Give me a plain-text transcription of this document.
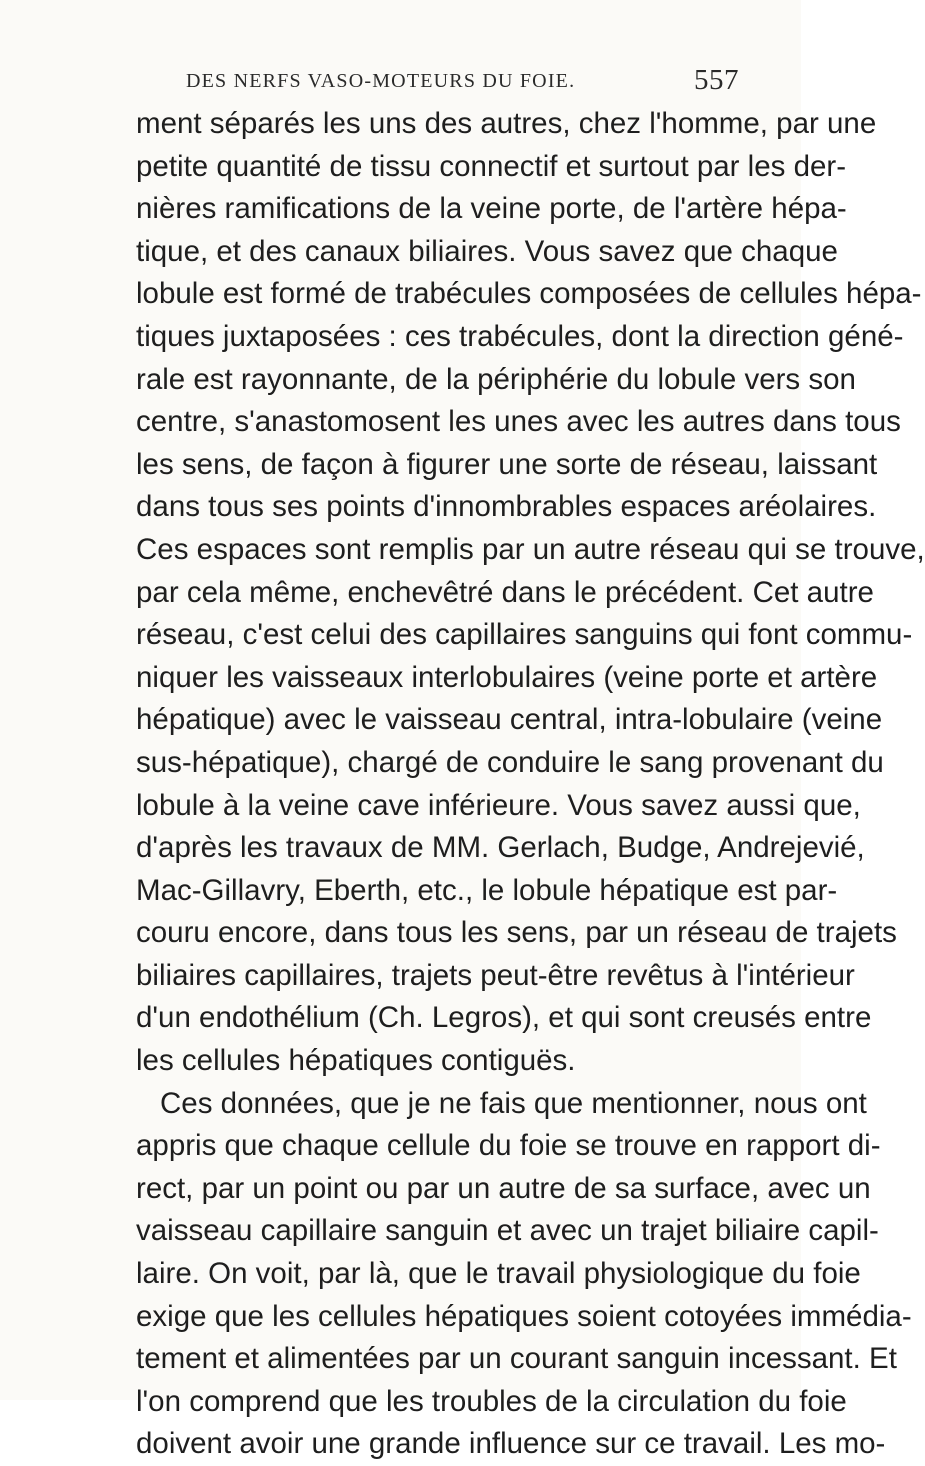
DES NERFS VASO-MOTEURS DU FOIE.	557
ment séparés les uns des autres, chez l'homme, par une
petite quantité de tissu connectif et surtout par les der-
nières ramifications de la veine porte, de l'artère hépa-
tique, et des canaux biliaires. Vous savez que chaque
lobule est formé de trabécules composées de cellules hépa-
tiques juxtaposées : ces trabécules, dont la direction géné-
rale est rayonnante, de la périphérie du lobule vers son
centre, s'anastomosent les unes avec les autres dans tous
les sens, de façon à figurer une sorte de réseau, laissant
dans tous ses points d'innombrables espaces aréolaires.
Ces espaces sont remplis par un autre réseau qui se trouve,
par cela même, enchevêtré dans le précédent. Cet autre
réseau, c'est celui des capillaires sanguins qui font commu-
niquer les vaisseaux interlobulaires (veine porte et artère
hépatique) avec le vaisseau central, intra-lobulaire (veine
sus-hépatique), chargé de conduire le sang provenant du
lobule à la veine cave inférieure. Vous savez aussi que,
d'après les travaux de MM. Gerlach, Budge, Andrejevié,
Mac-Gillavry, Eberth, etc., le lobule hépatique est par-
couru encore, dans tous les sens, par un réseau de trajets
biliaires capillaires, trajets peut-être revêtus à l'intérieur
d'un endothélium (Ch. Legros), et qui sont creusés entre
les cellules hépatiques contiguës.
Ces données, que je ne fais que mentionner, nous ont
appris que chaque cellule du foie se trouve en rapport di-
rect, par un point ou par un autre de sa surface, avec un
vaisseau capillaire sanguin et avec un trajet biliaire capil-
laire. On voit, par là, que le travail physiologique du foie
exige que les cellules hépatiques soient cotoyées immédia-
tement et alimentées par un courant sanguin incessant. Et
l'on comprend que les troubles de la circulation du foie
doivent avoir une grande influence sur ce travail. Les mo-
